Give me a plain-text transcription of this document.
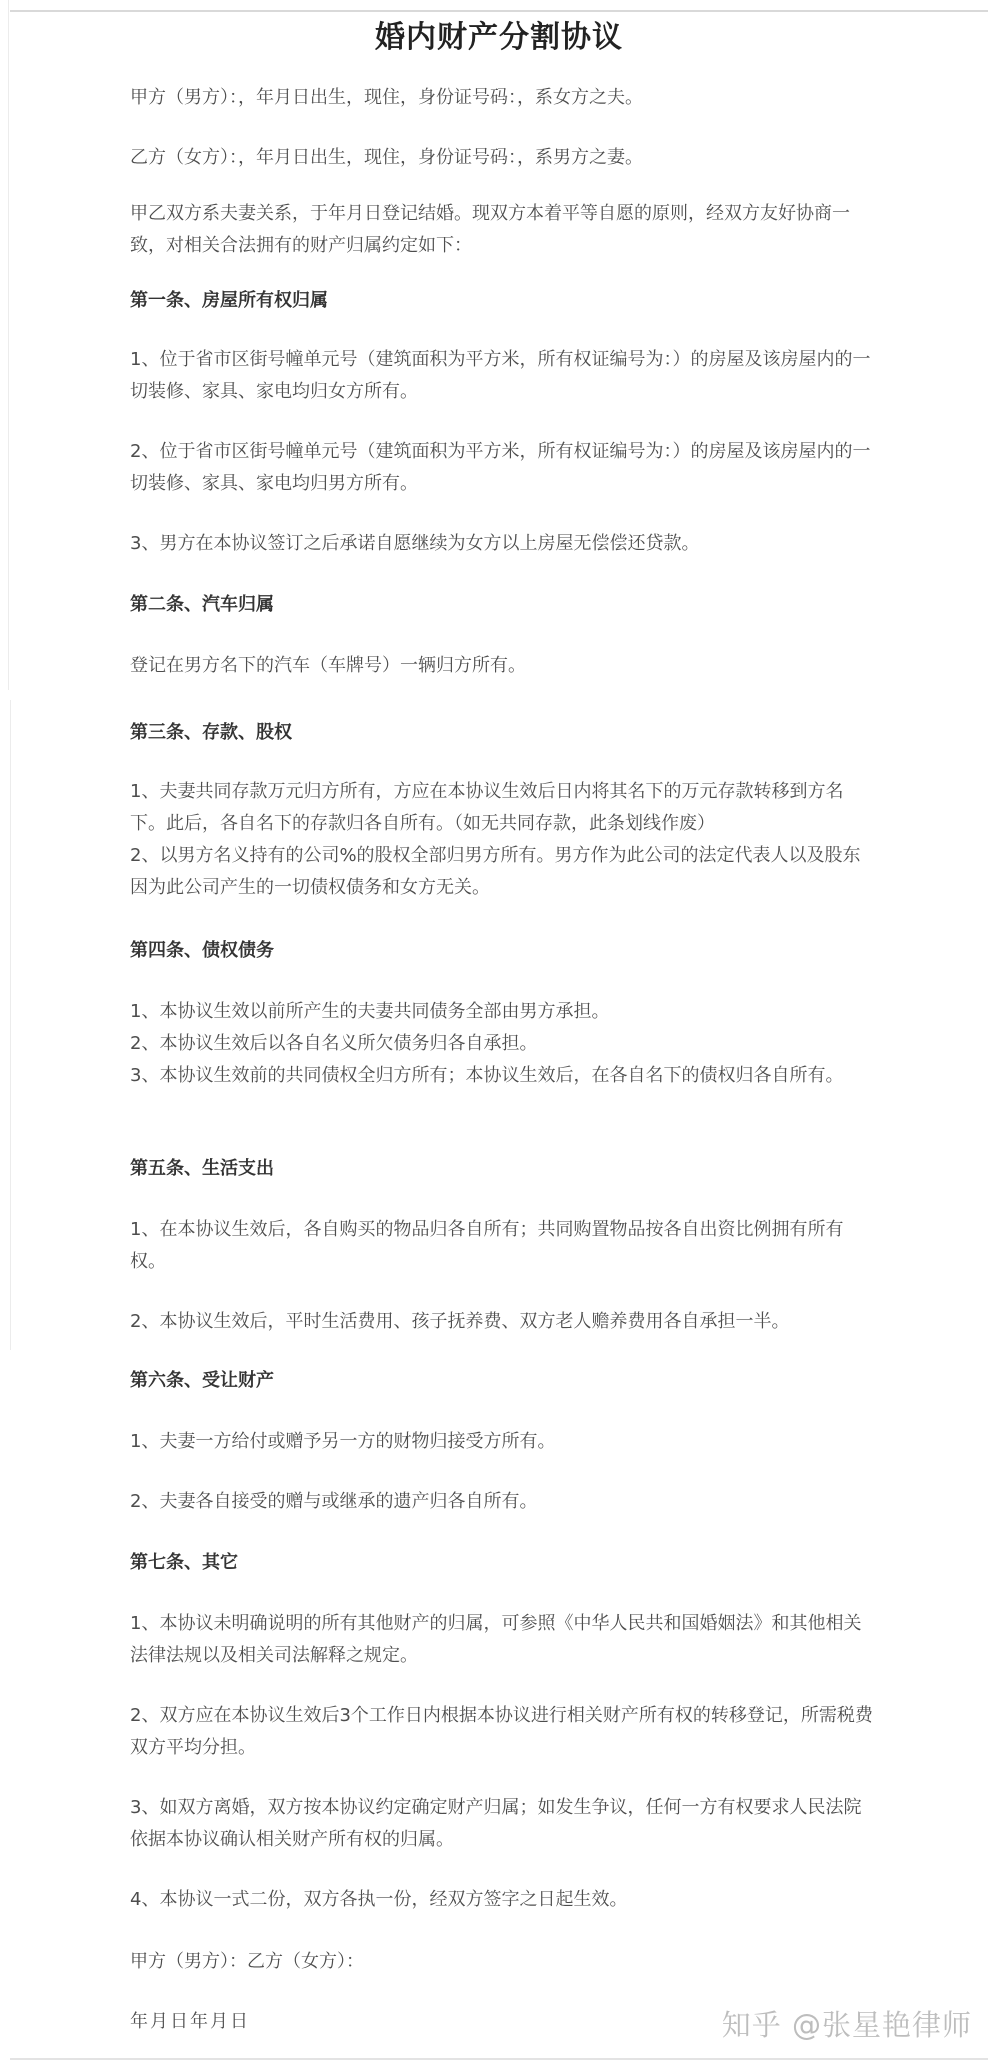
婚内财产分割协议
甲方（男方）：，年月日出生，现住，身份证号码：，系女方之夫。
乙方（女方）：，年月日出生，现住，身份证号码：，系男方之妻。
甲乙双方系夫妻关系，于年月日登记结婚。现双方本着平等自愿的原则，经双方友好协商一致，对相关合法拥有的财产归属约定如下：
第一条、房屋所有权归属
1、位于省市区街号幢单元号（建筑面积为平方米，所有权证编号为：）的房屋及该房屋内的一切装修、家具、家电均归女方所有。
2、位于省市区街号幢单元号（建筑面积为平方米，所有权证编号为：）的房屋及该房屋内的一切装修、家具、家电均归男方所有。
3、男方在本协议签订之后承诺自愿继续为女方以上房屋无偿偿还贷款。
第二条、汽车归属
登记在男方名下的汽车（车牌号）一辆归方所有。
第三条、存款、股权
1、夫妻共同存款万元归方所有，方应在本协议生效后日内将其名下的万元存款转移到方名下。此后，各自名下的存款归各自所有。（如无共同存款，此条划线作废）
2、以男方名义持有的公司%的股权全部归男方所有。男方作为此公司的法定代表人以及股东因为此公司产生的一切债权债务和女方无关。
第四条、债权债务
1、本协议生效以前所产生的夫妻共同债务全部由男方承担。
2、本协议生效后以各自名义所欠债务归各自承担。
3、本协议生效前的共同债权全归方所有；本协议生效后，在各自名下的债权归各自所有。
第五条、生活支出
1、在本协议生效后，各自购买的物品归各自所有；共同购置物品按各自出资比例拥有所有权。
2、本协议生效后，平时生活费用、孩子抚养费、双方老人赡养费用各自承担一半。
第六条、受让财产
1、夫妻一方给付或赠予另一方的财物归接受方所有。
2、夫妻各自接受的赠与或继承的遗产归各自所有。
第七条、其它
1、本协议未明确说明的所有其他财产的归属，可参照《中华人民共和国婚姻法》和其他相关法律法规以及相关司法解释之规定。
2、双方应在本协议生效后3个工作日内根据本协议进行相关财产所有权的转移登记，所需税费双方平均分担。
3、如双方离婚，双方按本协议约定确定财产归属；如发生争议，任何一方有权要求人民法院依据本协议确认相关财产所有权的归属。
4、本协议一式二份，双方各执一份，经双方签字之日起生效。
甲方（男方）：乙方（女方）：
年月日年月日	知乎 @张星艳律师
